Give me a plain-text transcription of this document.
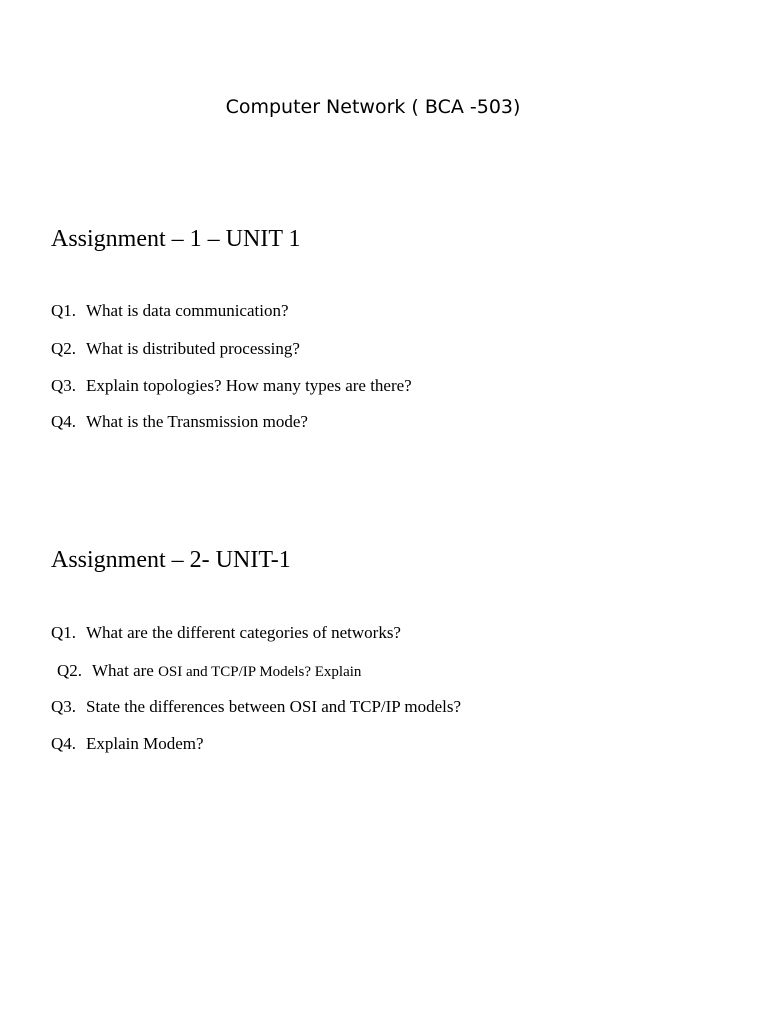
Computer Network ( BCA -503)
Assignment – 1 – UNIT 1
Q1. What is data communication?
Q2. What is distributed processing?
Q3. Explain topologies? How many types are there?
Q4. What is the Transmission mode?
Assignment – 2- UNIT-1
Q1. What are the different categories of networks?
Q2. What are OSI and TCP/IP Models? Explain
Q3. State the differences between OSI and TCP/IP models?
Q4. Explain Modem?
